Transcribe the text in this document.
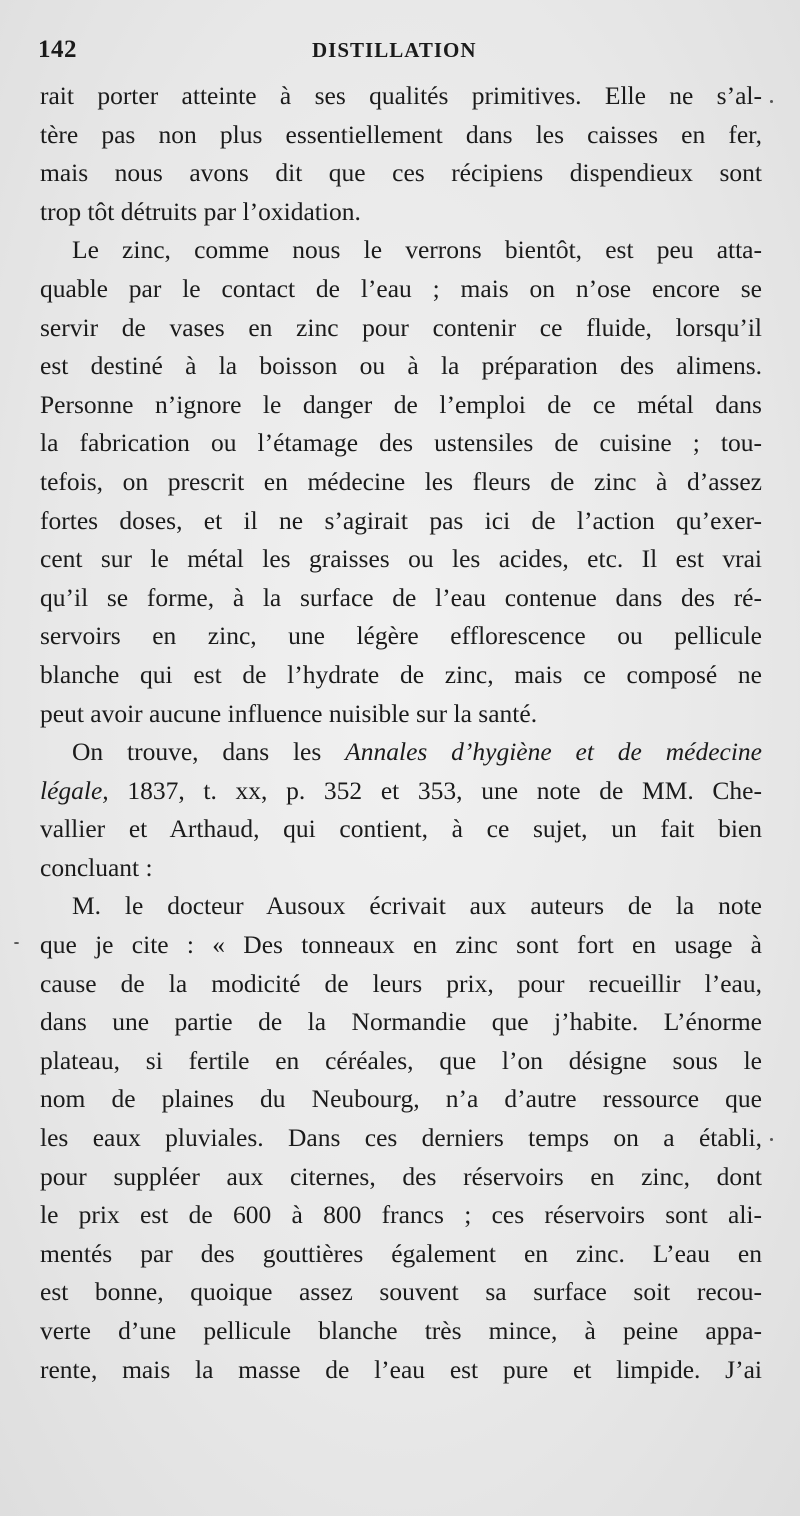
142	DISTILLATION
rait porter atteinte à ses qualités primitives. Elle ne s’al-
tère pas non plus essentiellement dans les caisses en fer,
mais nous avons dit que ces récipiens dispendieux sont
trop tôt détruits par l’oxidation.
Le zinc, comme nous le verrons bientôt, est peu atta-
quable par le contact de l’eau ; mais on n’ose encore se
servir de vases en zinc pour contenir ce fluide, lorsqu’il
est destiné à la boisson ou à la préparation des alimens.
Personne n’ignore le danger de l’emploi de ce métal dans
la fabrication ou l’étamage des ustensiles de cuisine ; tou-
tefois, on prescrit en médecine les fleurs de zinc à d’assez
fortes doses, et il ne s’agirait pas ici de l’action qu’exer-
cent sur le métal les graisses ou les acides, etc. Il est vrai
qu’il se forme, à la surface de l’eau contenue dans des ré-
servoirs en zinc, une légère efflorescence ou pellicule
blanche qui est de l’hydrate de zinc, mais ce composé ne
peut avoir aucune influence nuisible sur la santé.
On trouve, dans les Annales d’hygiène et de médecine
légale, 1837, t. xx, p. 352 et 353, une note de MM. Che-
vallier et Arthaud, qui contient, à ce sujet, un fait bien
concluant :
M. le docteur Ausoux écrivait aux auteurs de la note
que je cite : « Des tonneaux en zinc sont fort en usage à
cause de la modicité de leurs prix, pour recueillir l’eau,
dans une partie de la Normandie que j’habite. L’énorme
plateau, si fertile en céréales, que l’on désigne sous le
nom de plaines du Neubourg, n’a d’autre ressource que
les eaux pluviales. Dans ces derniers temps on a établi,
pour suppléer aux citernes, des réservoirs en zinc, dont
le prix est de 600 à 800 francs ; ces réservoirs sont ali-
mentés par des gouttières également en zinc. L’eau en
est bonne, quoique assez souvent sa surface soit recou-
verte d’une pellicule blanche très mince, à peine appa-
rente, mais la masse de l’eau est pure et limpide. J’ai
